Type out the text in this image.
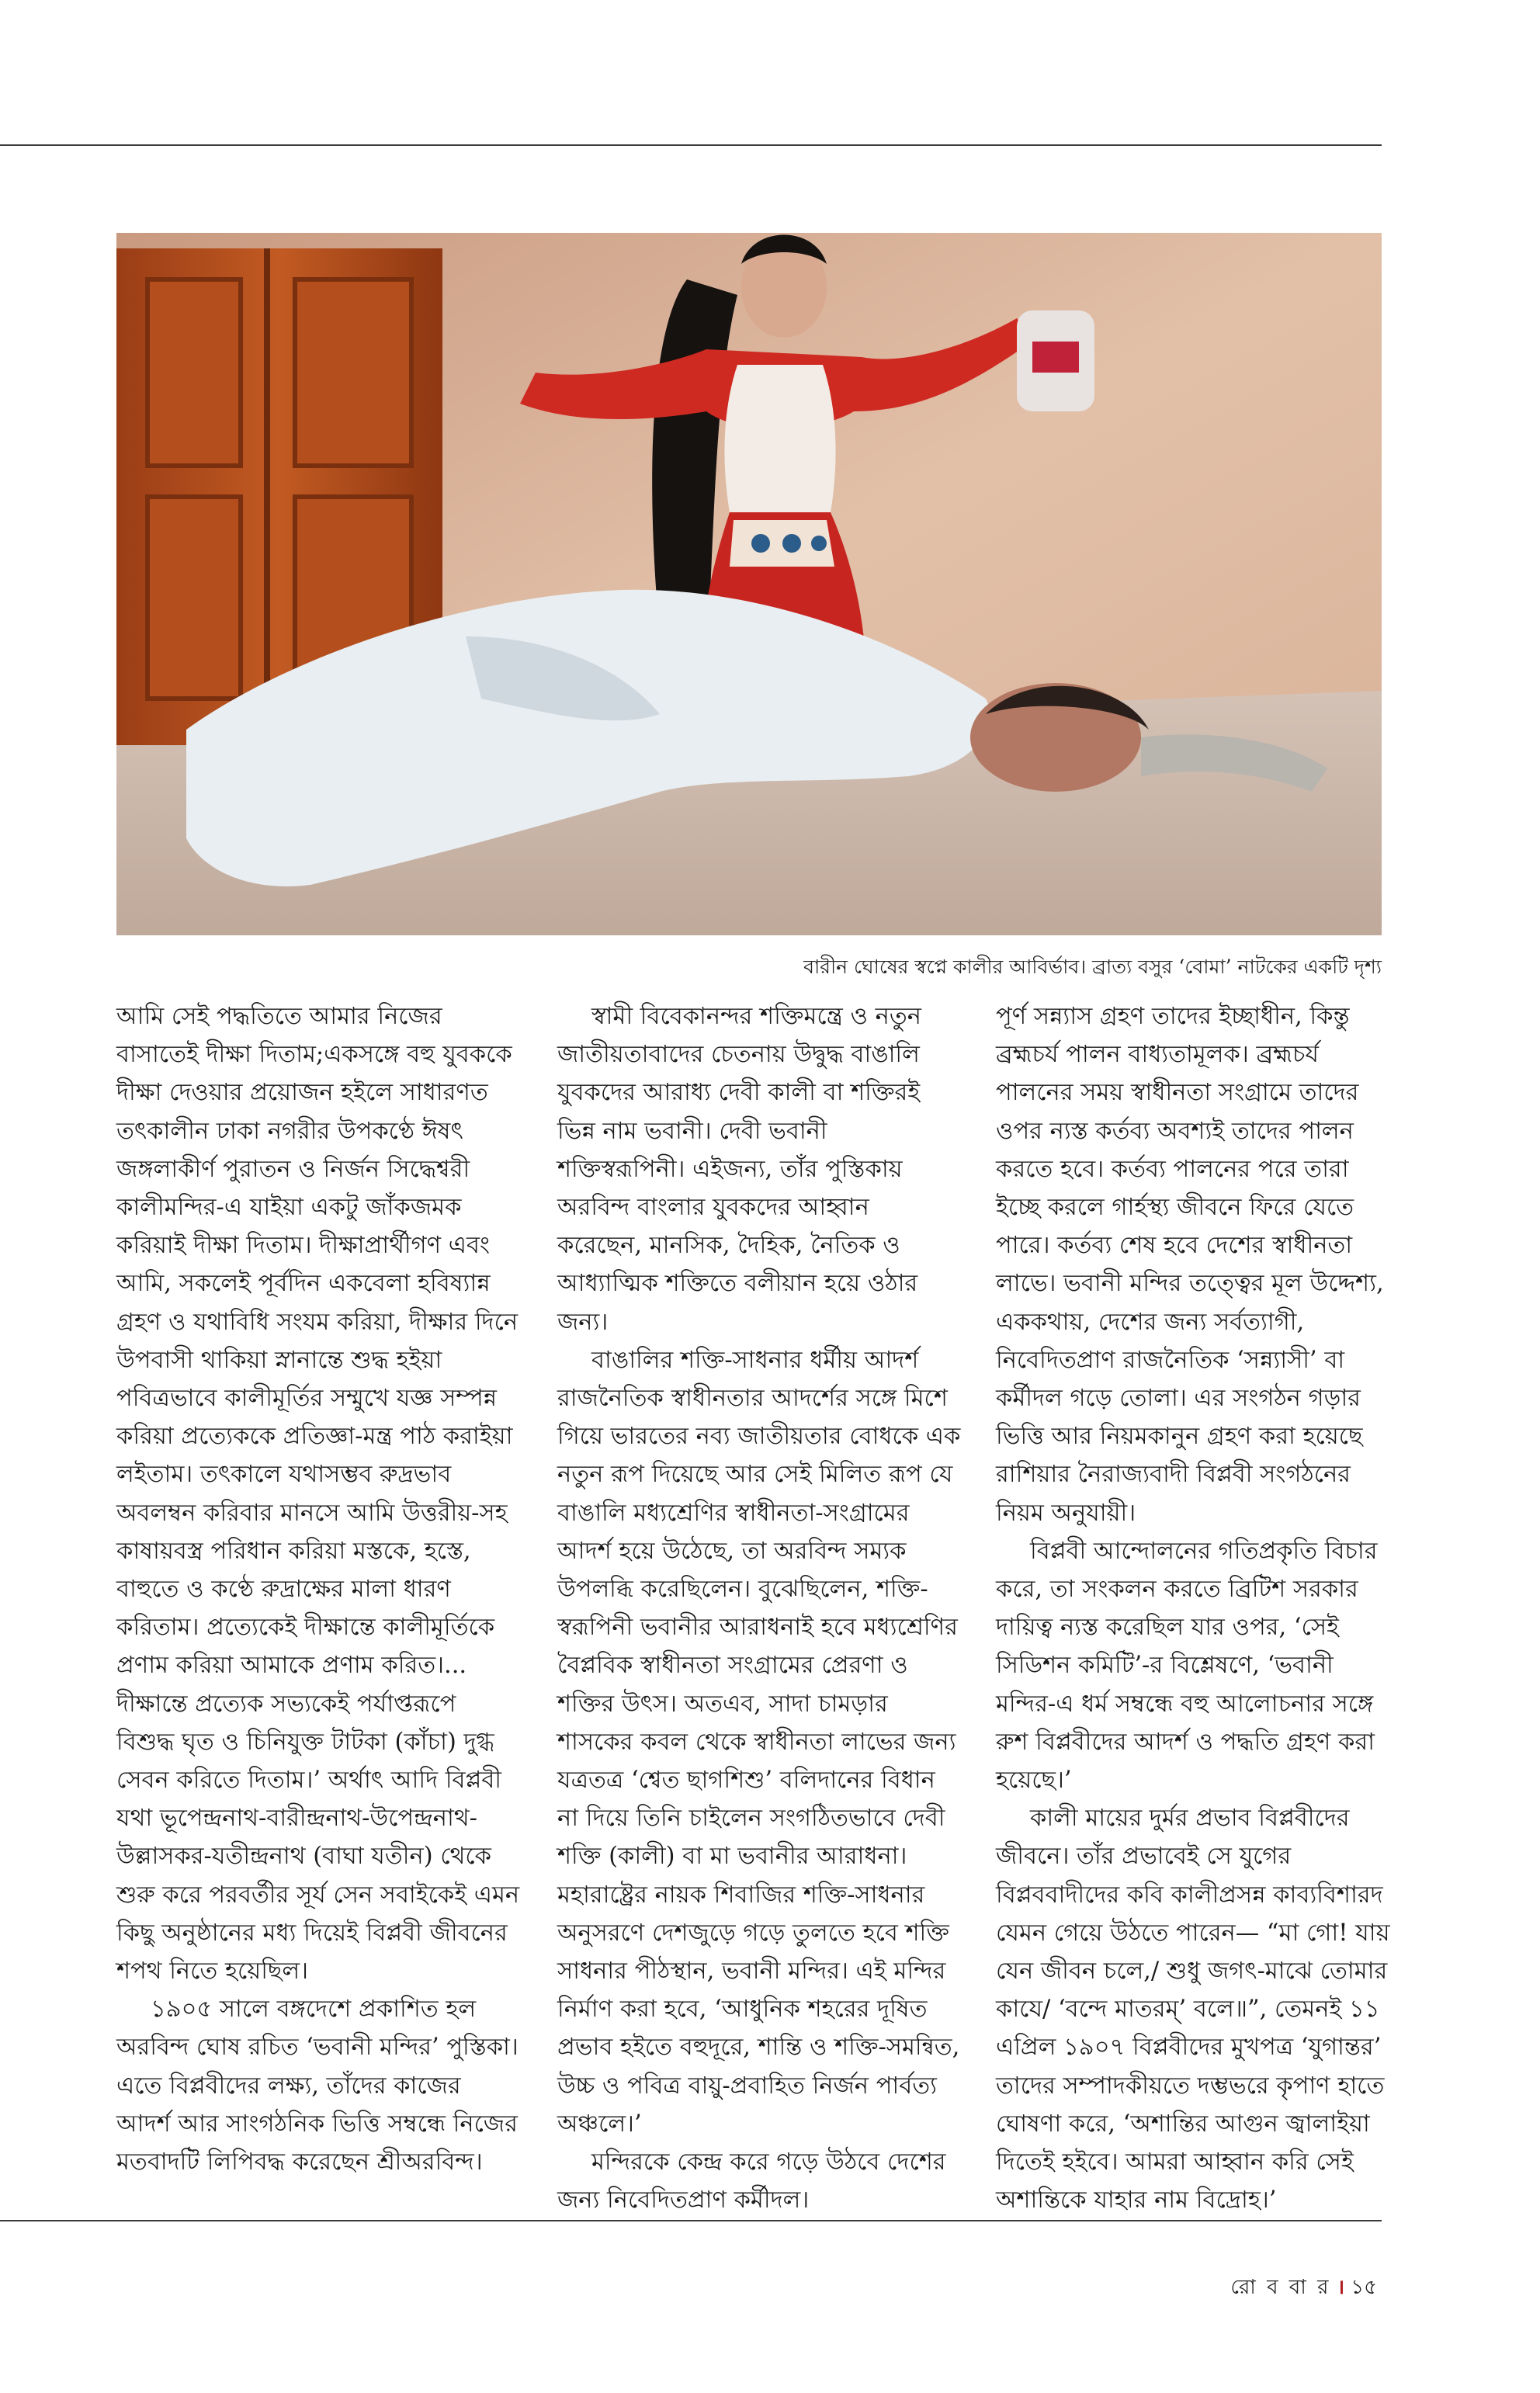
বারীন ঘোষের স্বপ্নে কালীর আবির্ভাব। ব্রাত্য বসুর ‘বোমা’ নাটকের একটি দৃশ্য

আমি সেই পদ্ধতিতে আমার নিজের বাসাতেই দীক্ষা দিতাম;একসঙ্গে বহু যুবককে দীক্ষা দেওয়ার প্রয়োজন হইলে সাধারণত তৎকালীন ঢাকা নগরীর উপকণ্ঠে ঈষৎ জঙ্গলাকীর্ণ পুরাতন ও নির্জন সিদ্ধেশ্বরী কালীমন্দির-এ যাইয়া একটু জাঁকজমক করিয়াই দীক্ষা দিতাম। দীক্ষাপ্রার্থীগণ এবং আমি, সকলেই পূর্বদিন একবেলা হবিষ্যান্ন গ্রহণ ও যথাবিধি সংযম করিয়া, দীক্ষার দিনে উপবাসী থাকিয়া স্নানান্তে শুদ্ধ হইয়া পবিত্রভাবে কালীমূর্তির সম্মুখে যজ্ঞ সম্পন্ন করিয়া প্রত্যেককে প্রতিজ্ঞা-মন্ত্র পাঠ করাইয়া লইতাম। তৎকালে যথাসম্ভব রুদ্রভাব অবলম্বন করিবার মানসে আমি উত্তরীয়-সহ কাষায়বস্ত্র পরিধান করিয়া মস্তকে, হস্তে, বাহুতে ও কণ্ঠে রুদ্রাক্ষের মালা ধারণ করিতাম। প্রত্যেকেই দীক্ষান্তে কালীমূর্তিকে প্রণাম করিয়া আমাকে প্রণাম করিত।... দীক্ষান্তে প্রত্যেক সভ্যকেই পর্যাপ্তরূপে বিশুদ্ধ ঘৃত ও চিনিযুক্ত টাটকা (কাঁচা) দুগ্ধ সেবন করিতে দিতাম।’ অর্থাৎ আদি বিপ্লবী যথা ভূপেন্দ্রনাথ-বারীন্দ্রনাথ-উপেন্দ্রনাথ-উল্লাসকর-যতীন্দ্রনাথ (বাঘা যতীন) থেকে শুরু করে পরবর্তীর সূর্য সেন সবাইকেই এমন কিছু অনুষ্ঠানের মধ্য দিয়েই বিপ্লবী জীবনের শপথ নিতে হয়েছিল।

১৯০৫ সালে বঙ্গদেশে প্রকাশিত হল অরবিন্দ ঘোষ রচিত ‘ভবানী মন্দির’ পুস্তিকা। এতে বিপ্লবীদের লক্ষ্য, তাঁদের কাজের আদর্শ আর সাংগঠনিক ভিত্তি সম্বন্ধে নিজের মতবাদটি লিপিবদ্ধ করেছেন শ্রীঅরবিন্দ।

স্বামী বিবেকানন্দর শক্তিমন্ত্রে ও নতুন জাতীয়তাবাদের চেতনায় উদ্বুদ্ধ বাঙালি যুবকদের আরাধ্য দেবী কালী বা শক্তিরই ভিন্ন নাম ভবানী। দেবী ভবানী শক্তিস্বরূপিনী। এইজন্য, তাঁর পুস্তিকায় অরবিন্দ বাংলার যুবকদের আহ্বান করেছেন, মানসিক, দৈহিক, নৈতিক ও আধ্যাত্মিক শক্তিতে বলীয়ান হয়ে ওঠার জন্য।

বাঙালির শক্তি-সাধনার ধর্মীয় আদর্শ রাজনৈতিক স্বাধীনতার আদর্শের সঙ্গে মিশে গিয়ে ভারতের নব্য জাতীয়তার বোধকে এক নতুন রূপ দিয়েছে আর সেই মিলিত রূপ যে বাঙালি মধ্যশ্রেণির স্বাধীনতা-সংগ্রামের আদর্শ হয়ে উঠেছে, তা অরবিন্দ সম্যক উপলব্ধি করেছিলেন। বুঝেছিলেন, শক্তি-স্বরূপিনী ভবানীর আরাধনাই হবে মধ্যশ্রেণির বৈপ্লবিক স্বাধীনতা সংগ্রামের প্রেরণা ও শক্তির উৎস। অতএব, সাদা চামড়ার শাসকের কবল থেকে স্বাধীনতা লাভের জন্য যত্রতত্র ‘শ্বেত ছাগশিশু’ বলিদানের বিধান না দিয়ে তিনি চাইলেন সংগঠিতভাবে দেবী শক্তি (কালী) বা মা ভবানীর আরাধনা। মহারাষ্ট্রের নায়ক শিবাজির শক্তি-সাধনার অনুসরণে দেশজুড়ে গড়ে তুলতে হবে শক্তি সাধনার পীঠস্থান, ভবানী মন্দির। এই মন্দির নির্মাণ করা হবে, ‘আধুনিক শহরের দূষিত প্রভাব হইতে বহুদূরে, শান্তি ও শক্তি-সমন্বিত, উচ্চ ও পবিত্র বায়ু-প্রবাহিত নির্জন পার্বত্য অঞ্চলে।’

মন্দিরকে কেন্দ্র করে গড়ে উঠবে দেশের জন্য নিবেদিতপ্রাণ কর্মীদল।

পূর্ণ সন্ন্যাস গ্রহণ তাদের ইচ্ছাধীন, কিন্তু ব্রহ্মচর্য পালন বাধ্যতামূলক। ব্রহ্মচর্য পালনের সময় স্বাধীনতা সংগ্রামে তাদের ওপর ন্যস্ত কর্তব্য অবশ্যই তাদের পালন করতে হবে। কর্তব্য পালনের পরে তারা ইচ্ছে করলে গার্হস্থ্য জীবনে ফিরে যেতে পারে। কর্তব্য শেষ হবে দেশের স্বাধীনতা লাভে। ভবানী মন্দির তত্ত্বের মূল উদ্দেশ্য, এককথায়, দেশের জন্য সর্বত্যাগী, নিবেদিতপ্রাণ রাজনৈতিক ‘সন্ন্যাসী’ বা কর্মীদল গড়ে তোলা। এর সংগঠন গড়ার ভিত্তি আর নিয়মকানুন গ্রহণ করা হয়েছে রাশিয়ার নৈরাজ্যবাদী বিপ্লবী সংগঠনের নিয়ম অনুযায়ী।

বিপ্লবী আন্দোলনের গতিপ্রকৃতি বিচার করে, তা সংকলন করতে ব্রিটিশ সরকার দায়িত্ব ন্যস্ত করেছিল যার ওপর, ‘সেই সিডিশন কমিটি’-র বিশ্লেষণে, ‘ভবানী মন্দির-এ ধর্ম সম্বন্ধে বহু আলোচনার সঙ্গে রুশ বিপ্লবীদের আদর্শ ও পদ্ধতি গ্রহণ করা হয়েছে।’

কালী মায়ের দুর্মর প্রভাব বিপ্লবীদের জীবনে। তাঁর প্রভাবেই সে যুগের বিপ্লববাদীদের কবি কালীপ্রসন্ন কাব্যবিশারদ যেমন গেয়ে উঠতে পারেন— “মা গো! যায় যেন জীবন চলে,/ শুধু জগৎ-মাঝে তোমার কাযে/ ‘বন্দে মাতরম্’ বলে॥”, তেমনই ১১ এপ্রিল ১৯০৭ বিপ্লবীদের মুখপত্র ‘যুগান্তর’ তাদের সম্পাদকীয়তে দম্ভভরে কৃপাণ হাতে ঘোষণা করে, ‘অশান্তির আগুন জ্বালাইয়া দিতেই হইবে। আমরা আহ্বান করি সেই অশান্তিকে যাহার নাম বিদ্রোহ।’

রো ব বা র । ১৫
